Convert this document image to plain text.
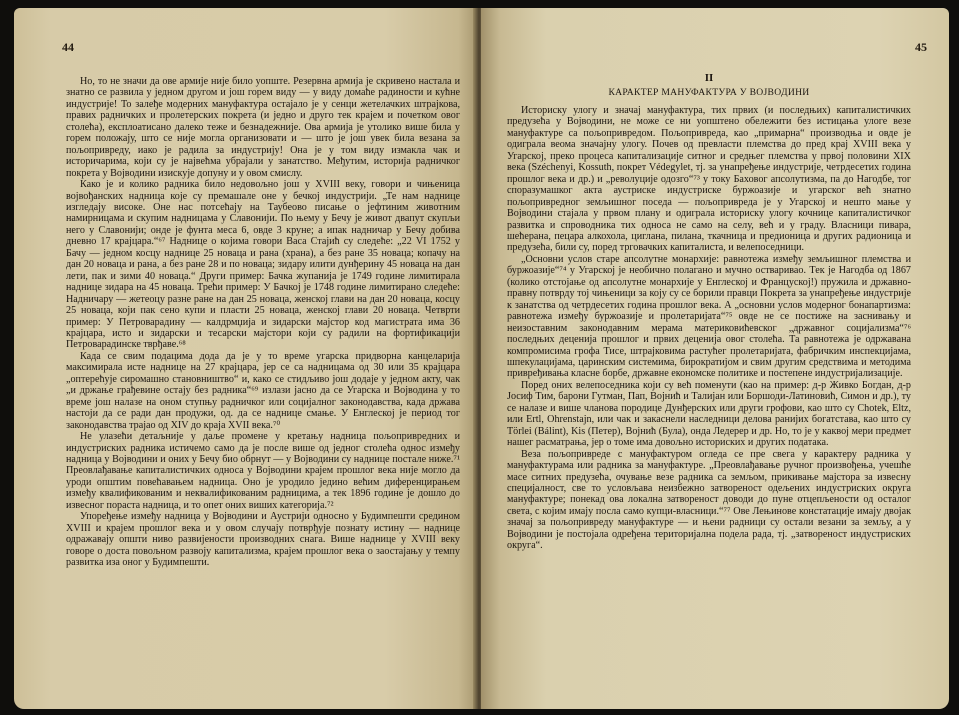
44

Но, то не значи да ове армије није било уопште. Резервна армија је скривено настала и знатно се развила у једном другом и још горем виду — у виду домаће радиности и кућне индустрије! То залеђе модерних мануфактура остајало је у сенци жетелачких штрајкова, правих радничких и пролетерских покрета (и једно и друго тек крајем и почетком овог столећа), експлоатисано далеко теже и безнадежније. Ова армија је утолико више била у горем положају, што се није могла организовати и — што је још увек била везана за пољопривреду, иако је радила за индустрију! Она је у том виду измакла чак и историчарима, који су је највећма убрајали у занатство. Међутим, историја радничког покрета у Војводини изискује допуну и у овом смислу.

Како је и колико радника било недовољно још у XVIII веку, говори и чињеница војвођанских надница које су премашале оне у бечкој индустрији. „Те нам наднице изгледају високе. Оне нас потсећају на Таубеово писање о јефтиним животним намирницама и скупим надницама у Славонији. По њему у Бечу је живот двапут скупљи него у Славонији; онде је фунта меса 6, овде 3 круне; а ипак надничар у Бечу добива дневно 17 крајцара.“⁶⁷ Наднице о којима говори Васа Стајић су следеће: „22 VI 1752 у Бачу — једном косцу наднице 25 новаца и рана (храна), а без ране 35 новаца; копачу на дан 20 новаца и рана, а без ране 28 и по новаца; зидару илити дунђерину 45 новаца на дан лети, пак и зими 40 новаца.“ Други пример: Бачка жупанија је 1749 године лимитирала наднице зидара на 45 новаца. Трећи пример: У Бачкој је 1748 године лимитирано следеће: Надничару — жетеоцу разне ране на дан 25 новаца, женској глави на дан 20 новаца, косцу 25 новаца, који пак сено купи и пласти 25 новаца, женској глави 20 новаца. Четврти пример: У Петроварадину — калдрмџија и зидарски мајстор код магистрата има 36 крајцара, исто и зидарски и тесарски мајстори који су радили на фортификацији Петроварадинске тврђаве.⁶⁸

Када се свим подацима дода да је у то време угарска придворна канцеларија максимирала исте наднице на 27 крајцара, јер се са надницама од 30 или 35 крајцара „оптерећује сиромашно становништво“ и, како се стидљиво још додаје у једном акту, чак „и држање грађевине остају без радника“⁶⁹ излази јасно да се Угарска и Војводина у то време још налазе на оном ступњу радничког или социјалног законодавства, када држава настоји да се ради дан продужи, од. да се наднице смање. У Енглеској је период тог законодавства трајао од XIV до краја XVII века.⁷⁰

Не улазећи детаљније у даље промене у кретању надница пољопривредних и индустриских радника истичемо само да је после више од једног столећа однос између надница у Војводини и оних у Бечу био обрнут — у Војводини су наднице постале ниже.⁷¹ Преовлађавање капиталистичких односа у Војводини крајем прошлог века није могло да уроди општим повећавањем надница. Оно је уродило једино већим диференцирањем између квалификованим и неквалификованим радницима, а тек 1896 године је дошло до извесног пораста надница, и то опет оних виших категорија.⁷²

Упоређење између надница у Војводини и Аустрији односно у Будимпешти средином XVIII и крајем прошлог века и у овом случају потврђује познату истину — наднице одражавају општи ниво развијености производних снага. Више наднице у XVIII веку говоре о доста повољном развоју капитализма, крајем прошлог века о заостајању у темпу развитка иза оног у Будимпешти.

45
II
КАРАКТЕР МАНУФАКТУРА У ВОЈВОДИНИ

Историску улогу и значај мануфактура, тих првих (и последњих) капиталистичких предузећа у Војводини, не може се ни уопштено обележити без истицања улоге везе мануфактуре са пољопривредом. Пољопривреда, као „примарна“ производња и овде је одиграла веома значајну улогу. Почев од превласти племства до пред крај XVIII века у Угарској, преко процеса капитализације ситног и средњег племства у првој половини XIX века (Széchenyi, Kossuth, покрет Védegylet, тј. за унапређење индустрије, четрдесетих година прошлог века и др.) и „револуције одозго“⁷³ у току Баховог апсолутизма, па до Нагодбе, тог споразумашког акта аустриске индустриске буржоазије и угарског већ знатно пољопривредног земљишног поседа — пољопривреда је у Угарској и нешто мање у Војводини стајала у првом плану и одиграла историску улогу кочнице капиталистичког развитка и спроводника тих односа не само на селу, већ и у граду. Власници пивара, шећерана, пецара алкохола, циглана, пилана, ткачница и предионица и других радионица и предузећа, били су, поред трговачких капиталиста, и велепоседници.

„Основни услов старе апсолутне монархије: равнотежа између земљишног племства и буржоазије“⁷⁴ у Угарској је необично полагано и мучно остваривао. Тек је Нагодба од 1867 (колико отстојање од апсолутне монархије у Енглеској и Француској!) пружила и државно-правну потврду тој чињеници за коју су се борили правци Покрета за унапређење индустрије к занатства од четрдесетих година прошлог века. А „основни услов модерног бонапартизма: равнотежа између буржоазије и пролетаријата“⁷⁵ овде не се постиже на заснивању и неизоставним законодавним мерама материковићевског „државног социјализма“⁷⁶ последњих деценија прошлог и првих деценија овог столећа. Та равнотежа је одржавана компромисима грофа Тисе, штрајковима растућег пролетаријата, фабричким инспекцијама, шпекулацијама, царинским системима, бирократијом и свим другим средствима и методима привређивања класне борбе, државне економске политике и постепене индустријализације.

Поред оних велепоседника који су већ поменути (као на пример: д-р Живко Богдан, д-р Јосиф Тим, барони Гутман, Пап, Војнић и Талијан или Боршоди-Латиновић, Симон и др.), ту се налазе и више чланова породице Дунђерских или други грофови, као што су Chotek, Eltz, или Ertl, Ohrenstajn, или чак и закаснели наследници делова ранијих богатстава, као што су Törlei (Bálint), Kis (Петер), Војнић (Була), онда Ледерер и др. Но, то је у каквој мери предмет нашег расматрања, јер о томе има довољно историских и других података.

Веза пољопривреде с мануфактуром огледа се пре свега у карактеру радника у мануфактурама или радника за мануфактуре. „Преовлађавање ручног произвођења, учешће масе ситних предузећа, очување везе радника са земљом, прикивање мајстора за извесну специјалност, све то условљава неизбежно затвореност одељених индустриских округа мануфактуре; понекад ова локална затвореност доводи до пуне отцепљености од осталог света, с којим имају посла само купци-власници.“⁷⁷ Ове Лењинове констатације имају двојак значај за пољопривреду мануфактуре — и њени радници су остали везани за земљу, а у Војводини је постојала одређена територијална подела рада, тј. „затвореност индустриских округа“.
